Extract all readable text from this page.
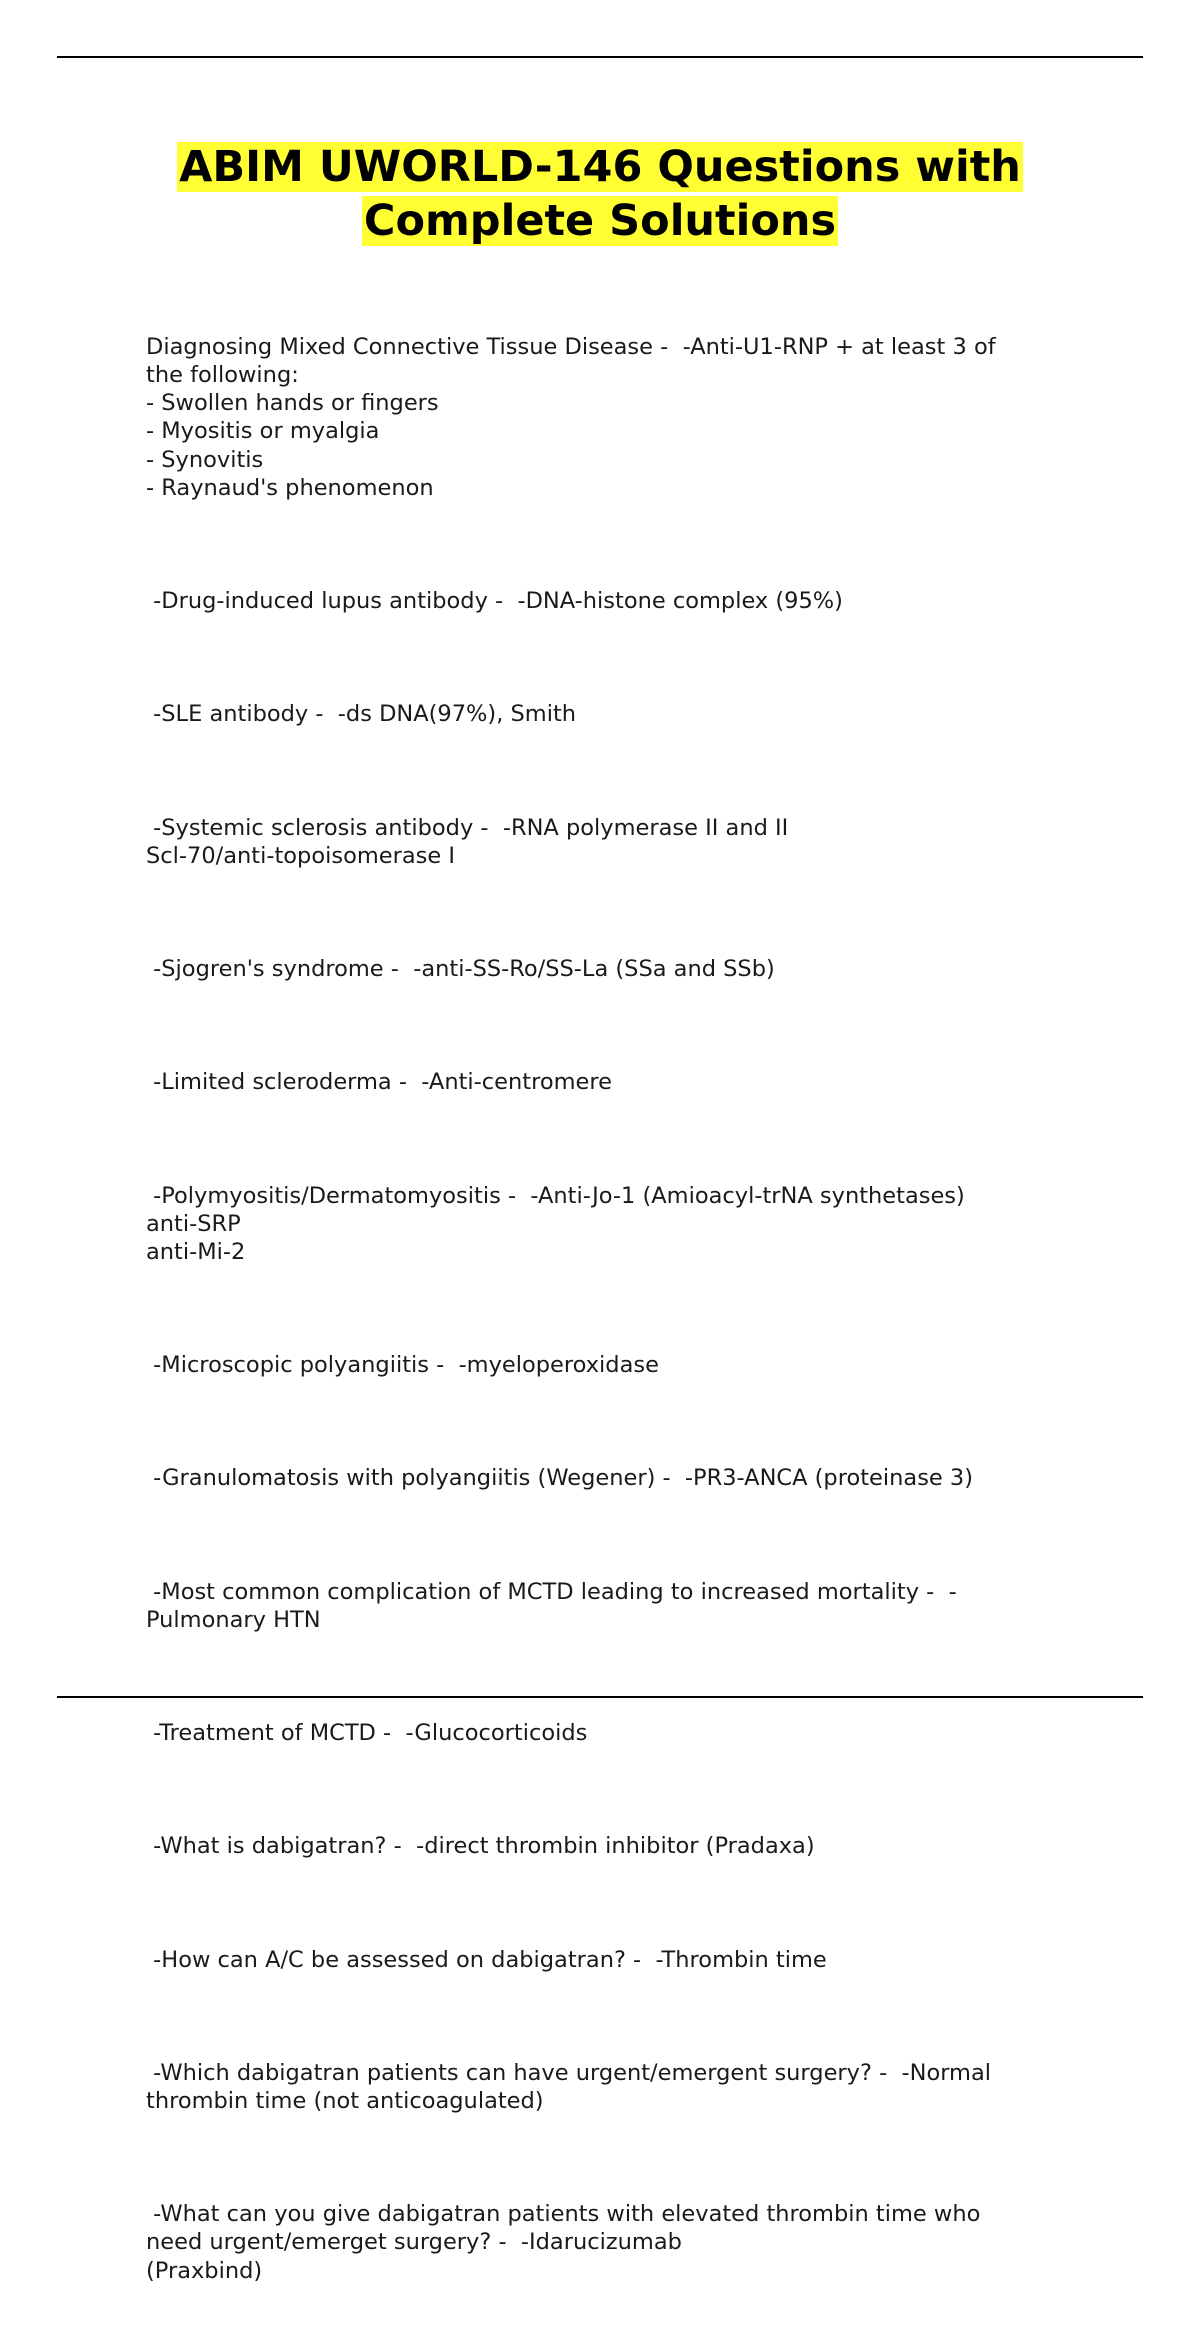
ABIM UWORLD-146 Questions with
Complete Solutions

Diagnosing Mixed Connective Tissue Disease -  -Anti-U1-RNP + at least 3 of
the following:
- Swollen hands or fingers
- Myositis or myalgia
- Synovitis
- Raynaud's phenomenon

-Drug-induced lupus antibody -  -DNA-histone complex (95%)

-SLE antibody -  -ds DNA(97%), Smith

-Systemic sclerosis antibody -  -RNA polymerase II and II
Scl-70/anti-topoisomerase I

-Sjogren's syndrome -  -anti-SS-Ro/SS-La (SSa and SSb)

-Limited scleroderma -  -Anti-centromere

-Polymyositis/Dermatomyositis -  -Anti-Jo-1 (Amioacyl-trNA synthetases)
anti-SRP
anti-Mi-2

-Microscopic polyangiitis -  -myeloperoxidase

-Granulomatosis with polyangiitis (Wegener) -  -PR3-ANCA (proteinase 3)

-Most common complication of MCTD leading to increased mortality -  -
Pulmonary HTN

-Treatment of MCTD -  -Glucocorticoids

-What is dabigatran? -  -direct thrombin inhibitor (Pradaxa)

-How can A/C be assessed on dabigatran? -  -Thrombin time

-Which dabigatran patients can have urgent/emergent surgery? -  -Normal
thrombin time (not anticoagulated)

-What can you give dabigatran patients with elevated thrombin time who
need urgent/emerget surgery? -  -Idarucizumab
(Praxbind)
